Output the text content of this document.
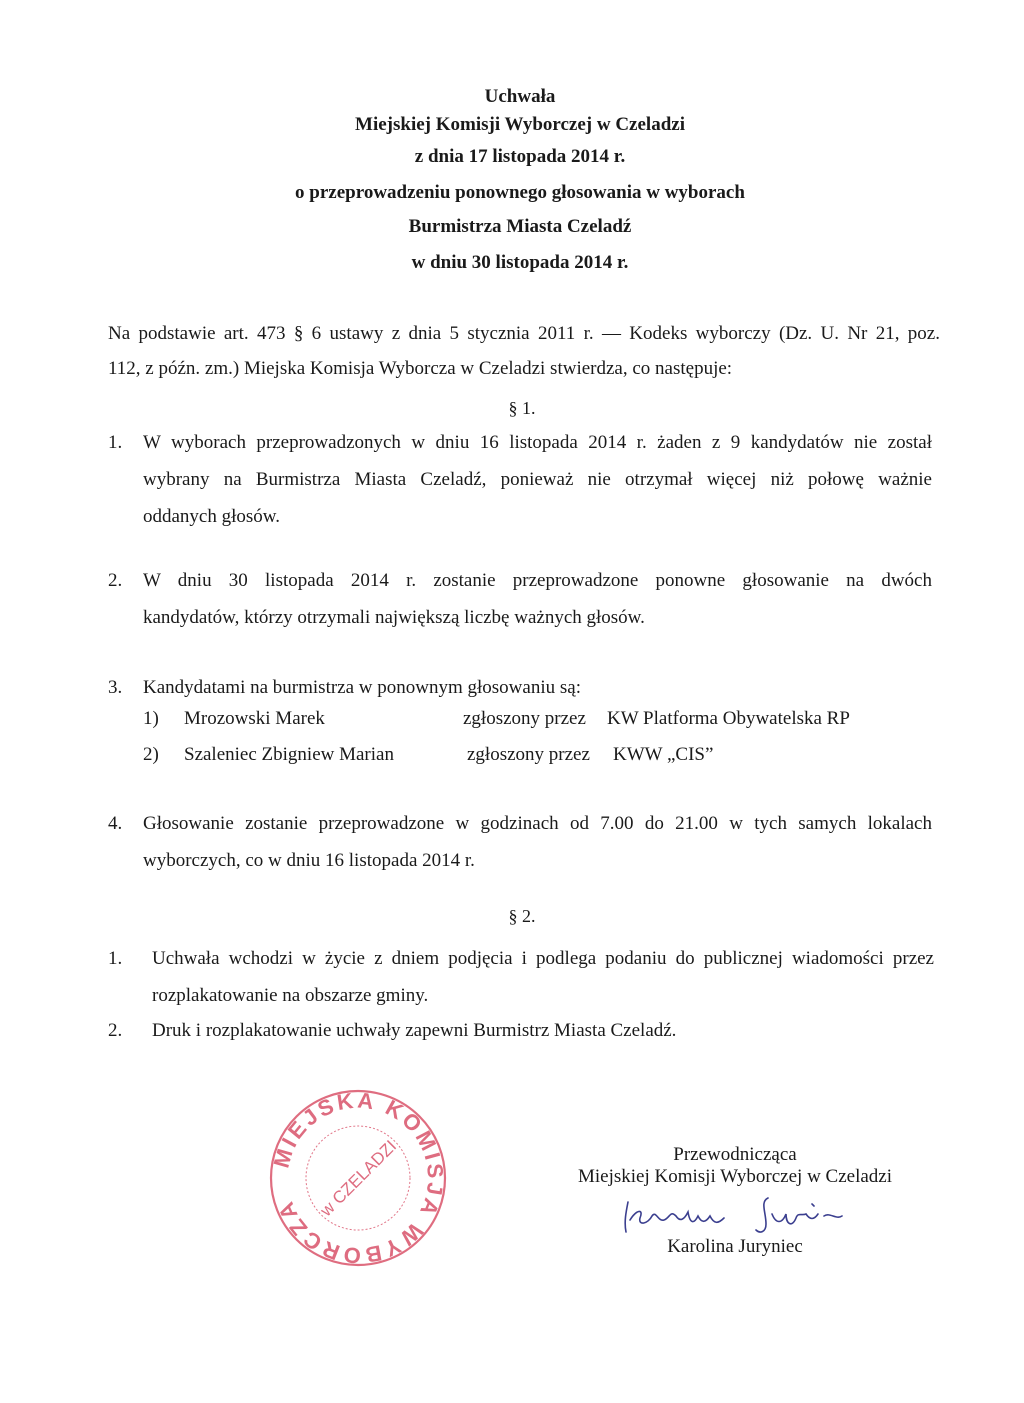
Uchwała
Miejskiej Komisji Wyborczej w Czeladzi
z dnia 17 listopada 2014 r.
o przeprowadzeniu ponownego głosowania w wyborach
Burmistrza Miasta Czeladź
w dniu 30 listopada 2014 r.
Na podstawie art. 473 § 6 ustawy z dnia 5 stycznia 2011 r. — Kodeks wyborczy (Dz. U. Nr 21, poz.
112, z późn. zm.) Miejska Komisja Wyborcza w Czeladzi stwierdza, co następuje:
§ 1.
1. W wyborach przeprowadzonych w dniu 16 listopada 2014 r. żaden z 9 kandydatów nie został
wybrany na Burmistrza Miasta Czeladź, ponieważ nie otrzymał więcej niż połowę ważnie
oddanych głosów.
2. W dniu 30 listopada 2014 r. zostanie przeprowadzone ponowne głosowanie na dwóch
kandydatów, którzy otrzymali największą liczbę ważnych głosów.
3. Kandydatami na burmistrza w ponownym głosowaniu są:
1) Mrozowski Marek	zgłoszony przez KW Platforma Obywatelska RP
2) Szaleniec Zbigniew Marian	zgłoszony przez KWW „CIS”
4. Głosowanie zostanie przeprowadzone w godzinach od 7.00 do 21.00 w tych samych lokalach
wyborczych, co w dniu 16 listopada 2014 r.
§ 2.
1. Uchwała wchodzi w życie z dniem podjęcia i podlega podaniu do publicznej wiadomości przez
rozplakatowanie na obszarze gminy.
2. Druk i rozplakatowanie uchwały zapewni Burmistrz Miasta Czeladź.
MIEJSKA KOMISJA WYBORCZA w CZELADZI	Przewodnicząca
Miejskiej Komisji Wyborczej w Czeladzi
Karolina Juryniec
